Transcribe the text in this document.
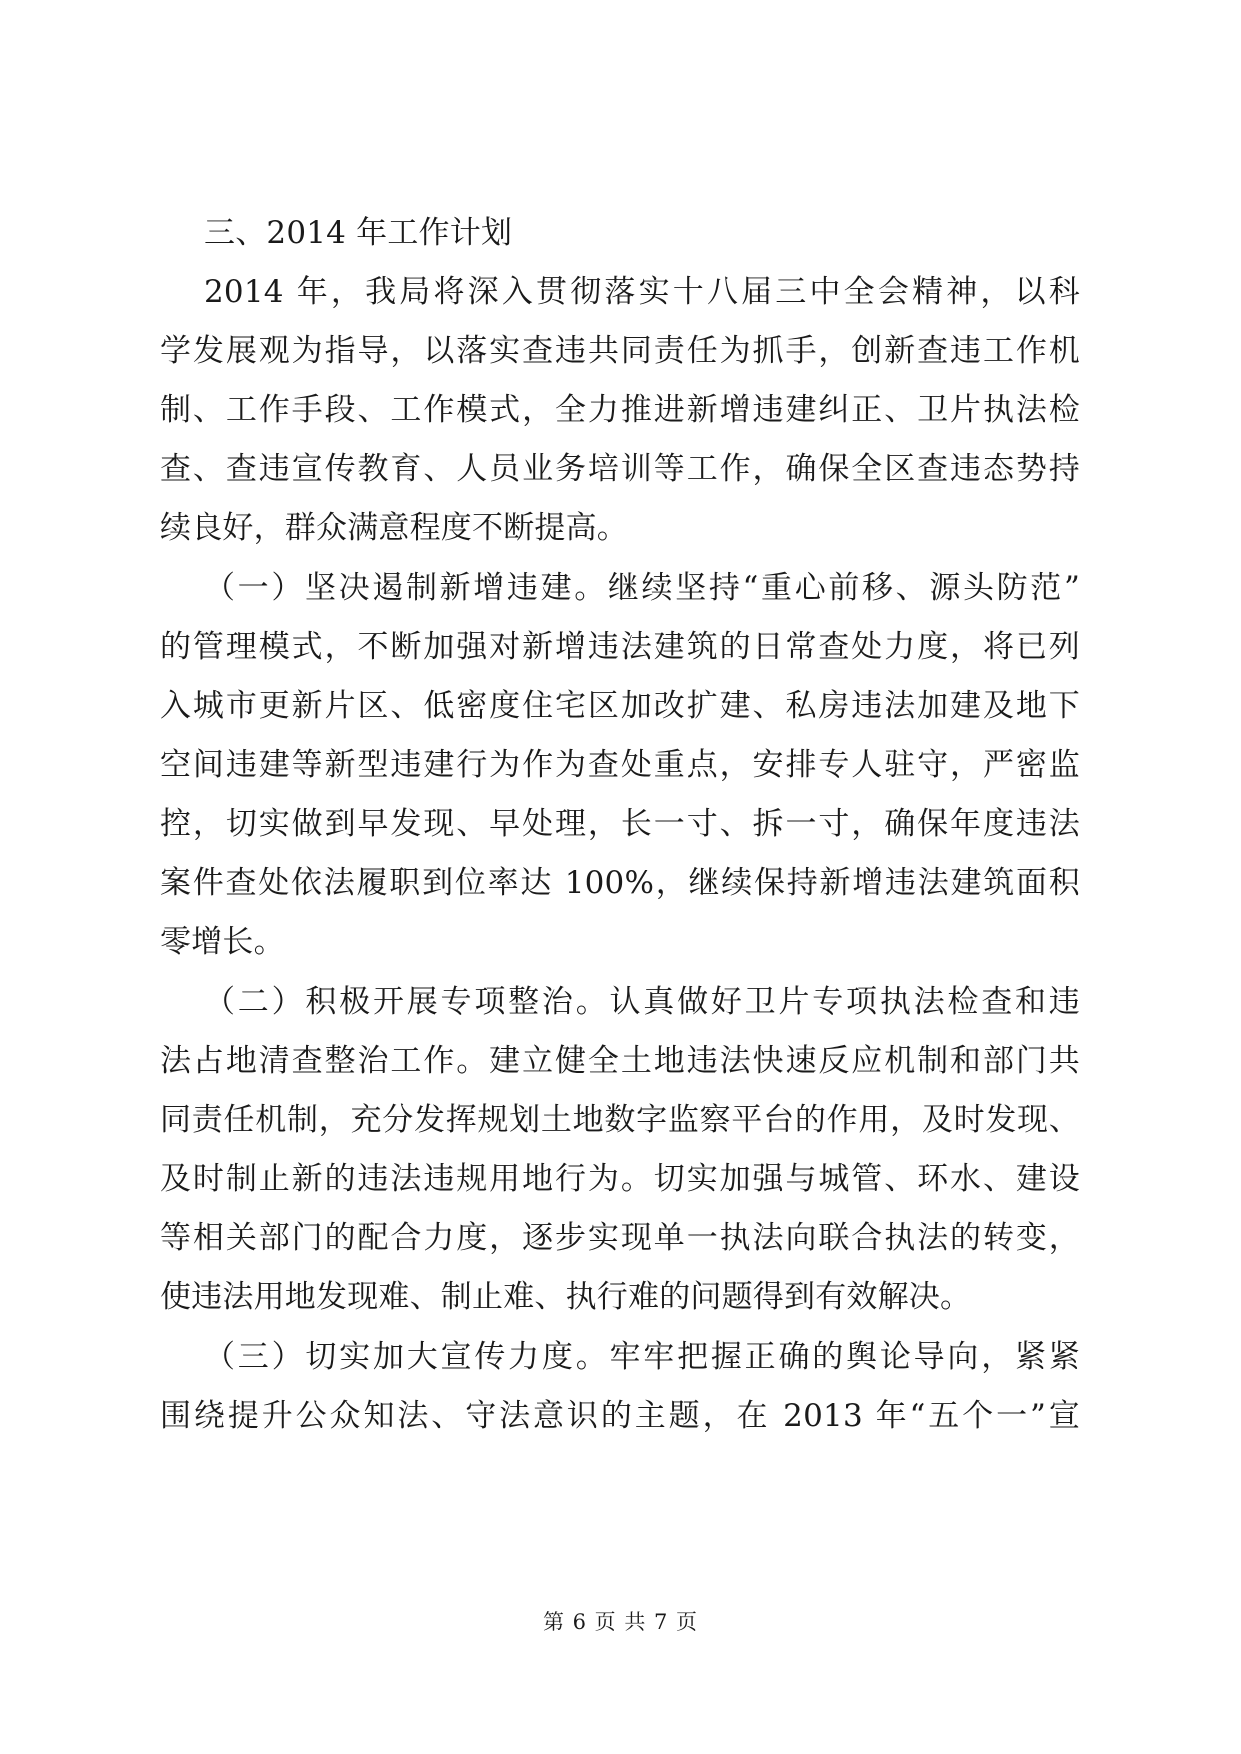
三、2014 年工作计划
2014 年，我局将深入贯彻落实十八届三中全会精神，以科
学发展观为指导，以落实查违共同责任为抓手，创新查违工作机
制、工作手段、工作模式，全力推进新增违建纠正、卫片执法检
查、查违宣传教育、人员业务培训等工作，确保全区查违态势持
续良好，群众满意程度不断提高。
（一）坚决遏制新增违建。继续坚持“重心前移、源头防范”
的管理模式，不断加强对新增违法建筑的日常查处力度，将已列
入城市更新片区、低密度住宅区加改扩建、私房违法加建及地下
空间违建等新型违建行为作为查处重点，安排专人驻守，严密监
控，切实做到早发现、早处理，长一寸、拆一寸，确保年度违法
案件查处依法履职到位率达 100%，继续保持新增违法建筑面积
零增长。
（二）积极开展专项整治。认真做好卫片专项执法检查和违
法占地清查整治工作。建立健全土地违法快速反应机制和部门共
同责任机制，充分发挥规划土地数字监察平台的作用，及时发现、
及时制止新的违法违规用地行为。切实加强与城管、环水、建设
等相关部门的配合力度，逐步实现单一执法向联合执法的转变，
使违法用地发现难、制止难、执行难的问题得到有效解决。
（三）切实加大宣传力度。牢牢把握正确的舆论导向，紧紧
围绕提升公众知法、守法意识的主题，在 2013 年“五个一”宣
第 6 页 共 7 页
